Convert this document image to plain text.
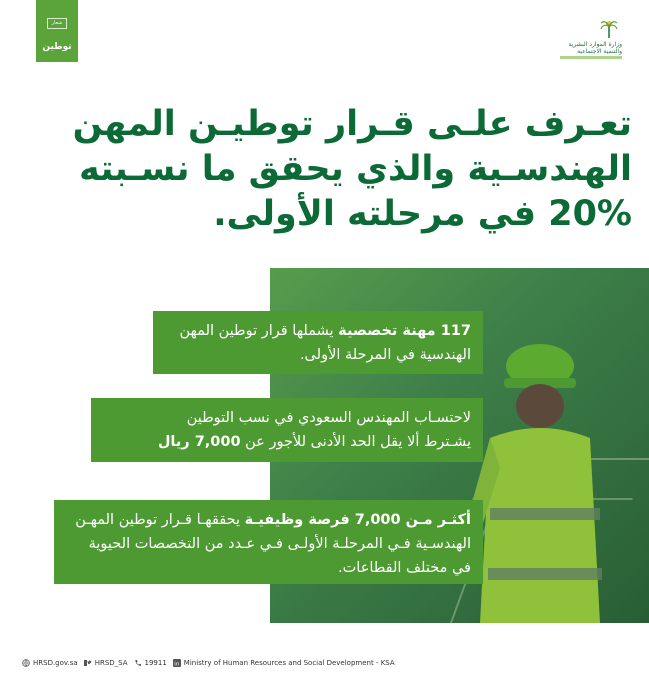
شعار
توطين	وزارة الموارد البشرية والتنمية الاجتماعية
تعـرف علـى قـرار توطيـن المهن
الهندسـية والذي يحقق ما نسـبته
20% في مرحلته الأولى.
117 مهنة تخصصية يشملها قرار توطين المهن الهندسية في المرحلة الأولى.
لاحتسـاب المهندس السعودي في نسب التوطين
يشـترط ألا يقل الحد الأدنى للأجور عن 7,000 ريال
أكثـر مـن 7,000 فرصة وظيفيـة يحققهـا قـرار توطين المهـن الهندسـية فـي المرحلـة الأولـى فـي عـدد من التخصصات الحيوية في مختلف القطاعات.
HRSD.gov.sa HRSD_SA 19911 in Ministry of Human Resources and Social Development - KSA
